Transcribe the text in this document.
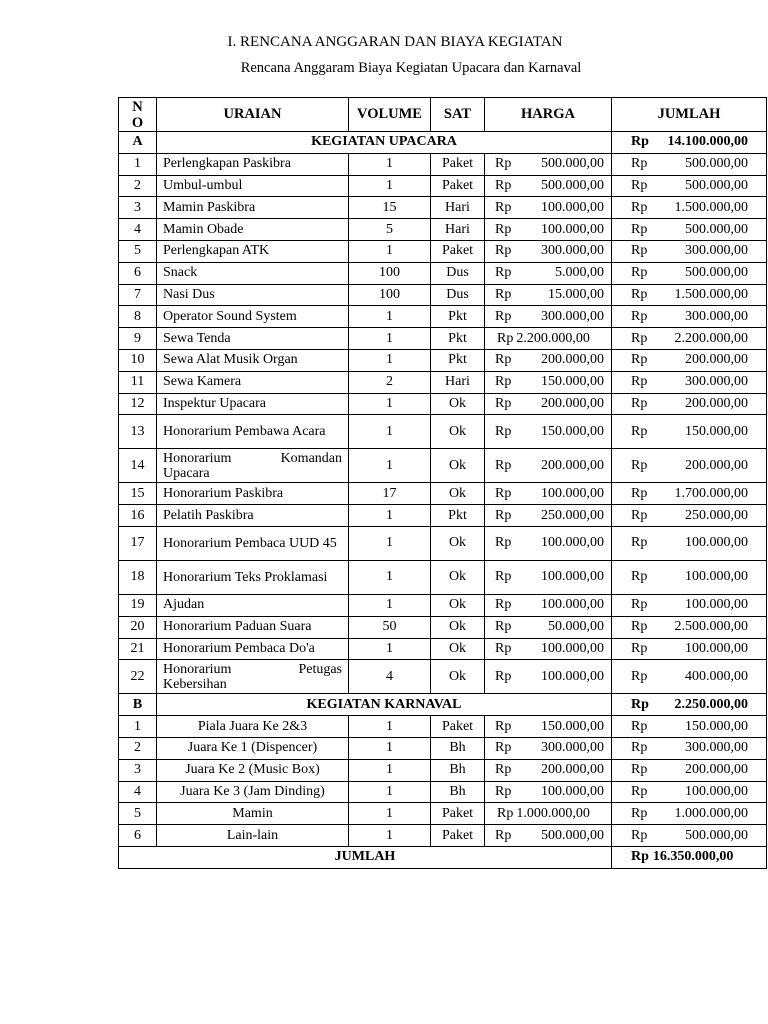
I. RENCANA ANGGARAN DAN BIAYA KEGIATAN
Rencana Anggaram Biaya Kegiatan Upacara dan Karnaval
N O	URAIAN	VOLUME	SAT	HARGA	JUMLAH
A	KEGIATAN UPACARA				Rp 14.100.000,00

1	Perlengkapan Paskibra	1	Paket	Rp 500.000,00	Rp 500.000,00

2	Umbul-umbul	1	Paket	Rp 500.000,00	Rp 500.000,00

3	Mamin Paskibra	15	Hari	Rp 100.000,00	Rp 1.500.000,00

4	Mamin Obade	5	Hari	Rp 100.000,00	Rp 500.000,00

5	Perlengkapan ATK	1	Paket	Rp 300.000,00	Rp 300.000,00

6	Snack	100	Dus	Rp 5.000,00	Rp 500.000,00

7	Nasi Dus	100	Dus	Rp 15.000,00	Rp 1.500.000,00

8	Operator Sound System	1	Pkt	Rp 300.000,00	Rp 300.000,00

9	Sewa Tenda	1	Pkt	Rp 2.200.000,00	Rp 2.200.000,00

10	Sewa Alat Musik Organ	1	Pkt	Rp 200.000,00	Rp 200.000,00

11	Sewa Kamera	2	Hari	Rp 150.000,00	Rp 300.000,00

12	Inspektur Upacara	1	Ok	Rp 200.000,00	Rp 200.000,00

13	Honorarium Pembawa Acara	1	Ok	Rp 150.000,00	Rp 150.000,00

14	Honorarium Komandan Upacara	1	Ok	Rp 200.000,00	Rp 200.000,00

15	Honorarium Paskibra	17	Ok	Rp 100.000,00	Rp 1.700.000,00

16	Pelatih Paskibra	1	Pkt	Rp 250.000,00	Rp 250.000,00

17	Honorarium Pembaca UUD 45	1	Ok	Rp 100.000,00	Rp 100.000,00

18	Honorarium Teks Proklamasi	1	Ok	Rp 100.000,00	Rp 100.000,00

19	Ajudan	1	Ok	Rp 100.000,00	Rp 100.000,00

20	Honorarium Paduan Suara	50	Ok	Rp 50.000,00	Rp 2.500.000,00

21	Honorarium Pembaca Do'a	1	Ok	Rp 100.000,00	Rp 100.000,00

22	Honorarium Petugas Kebersihan	4	Ok	Rp 100.000,00	Rp 400.000,00

B	KEGIATAN KARNAVAL				Rp 2.250.000,00

1	Piala Juara Ke 2&3	1	Paket	Rp 150.000,00	Rp 150.000,00

2	Juara Ke 1 (Dispencer)	1	Bh	Rp 300.000,00	Rp 300.000,00

3	Juara Ke 2 (Music Box)	1	Bh	Rp 200.000,00	Rp 200.000,00

4	Juara Ke 3 (Jam Dinding)	1	Bh	Rp 100.000,00	Rp 100.000,00

5	Mamin	1	Paket	Rp 1.000.000,00	Rp 1.000.000,00

6	Lain-lain	1	Paket	Rp 500.000,00	Rp 500.000,00

JUMLAH					Rp 16.350.000,00
